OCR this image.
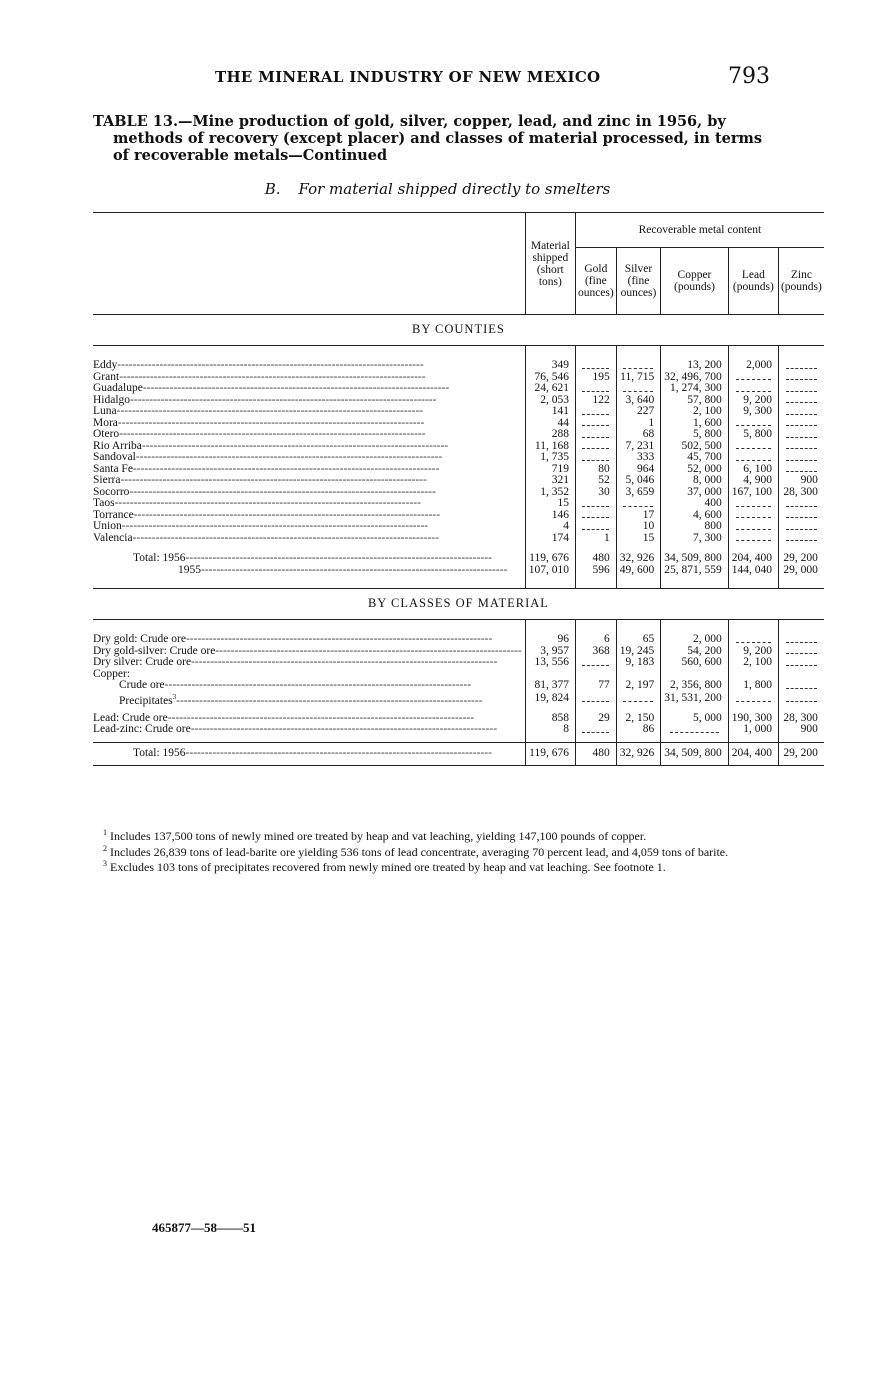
THE MINERAL INDUSTRY OF NEW MEXICO	793
TABLE 13.—Mine production of gold, silver, copper, lead, and zinc in 1956, by
methods of recovery (except placer) and classes of material processed, in terms
of recoverable metals—Continued
B. For material shipped directly to smelters
	Material
shipped
(short
tons)	Recoverable metal content				
		Gold
(fine
ounces)	Silver
(fine
ounces)	Copper
(pounds)	Lead
(pounds)	Zinc
(pounds)
BY COUNTIES						

Eddy--------------------------------------------------------------------------------	349			13, 200	2,000	
Grant--------------------------------------------------------------------------------	76, 546	195	11, 715	32, 496, 700		
Guadalupe--------------------------------------------------------------------------------	24, 621			1, 274, 300		
Hidalgo--------------------------------------------------------------------------------	2, 053	122	3, 640	57, 800	9, 200	
Luna--------------------------------------------------------------------------------	141		227	2, 100	9, 300	
Mora--------------------------------------------------------------------------------	44		1	1, 600		
Otero--------------------------------------------------------------------------------	288		68	5, 800	5, 800	
Rio Arriba--------------------------------------------------------------------------------	11, 168		7, 231	502, 500		
Sandoval--------------------------------------------------------------------------------	1, 735		333	45, 700		
Santa Fe--------------------------------------------------------------------------------	719	80	964	52, 000	6, 100	
Sierra--------------------------------------------------------------------------------	321	52	5, 046	8, 000	4, 900	900
Socorro--------------------------------------------------------------------------------	1, 352	30	3, 659	37, 000	167, 100	28, 300
Taos--------------------------------------------------------------------------------	15			400		
Torrance--------------------------------------------------------------------------------	146		17	4, 600		
Union--------------------------------------------------------------------------------	4		10	800		
Valencia--------------------------------------------------------------------------------	174	1	15	7, 300		

Total: 1956--------------------------------------------------------------------------------	119, 676	480	32, 926	34, 509, 800	204, 400	29, 200
1955--------------------------------------------------------------------------------	107, 010	596	49, 600	25, 871, 559	144, 040	29, 000
BY CLASSES OF MATERIAL						

Dry gold: Crude ore--------------------------------------------------------------------------------	96	6	65	2, 000		
Dry gold-silver: Crude ore--------------------------------------------------------------------------------	3, 957	368	19, 245	54, 200	9, 200	
Dry silver: Crude ore--------------------------------------------------------------------------------	13, 556		9, 183	560, 600	2, 100	
Copper:						
Crude ore--------------------------------------------------------------------------------	81, 377	77	2, 197	2, 356, 800	1, 800	
Precipitates$^3$--------------------------------------------------------------------------------	19, 824			31, 531, 200		

Lead: Crude ore--------------------------------------------------------------------------------	858	29	2, 150	5, 000	190, 300	28, 300
Lead-zinc: Crude ore--------------------------------------------------------------------------------	8		86		1, 000	900

Total: 1956--------------------------------------------------------------------------------	119, 676	480	32, 926	34, 509, 800	204, 400	29, 200

$^1$ Includes 137,500 tons of newly mined ore treated by heap and vat leaching, yielding 147,100 pounds of copper.

$^2$ Includes 26,839 tons of lead-barite ore yielding 536 tons of lead concentrate, averaging 70 percent lead, and 4,059 tons of barite.

$^3$ Excludes 103 tons of precipitates recovered from newly mined ore treated by heap and vat leaching. See footnote 1.

465877—58——51
